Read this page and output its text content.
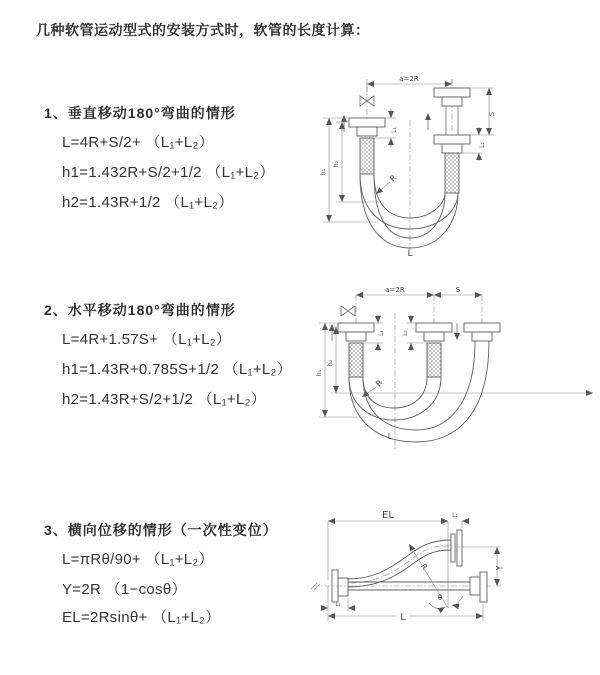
几种软管运动型式的安装方式时，软管的长度计算：
1、垂直移动180°弯曲的情形
L=4R+S/2+ （L₁+L₂）
h1=1.432R+S/2+1/2 （L₁+L₂）
h2=1.43R+1/2 （L₁+L₂）
2、水平移动180°弯曲的情形
L=4R+1.57S+ （L₁+L₂）
h1=1.43R+0.785S+1/2 （L₁+L₂）
h2=1.43R+S/2+1/2 （L₁+L₂）
3、横向位移的情形（一次性变位）
L=πRθ/90+ （L₁+L₂）
Y=2R （1−cosθ）
EL=2Rsinθ+ （L₁+L₂）
a=2R
L₁
S
L₂
h₁
h₂
R
L
a=2R	S
L₁	L₂
h₁
h₂
R
L
EL	L₂
Y
R
θ
L
L₁
